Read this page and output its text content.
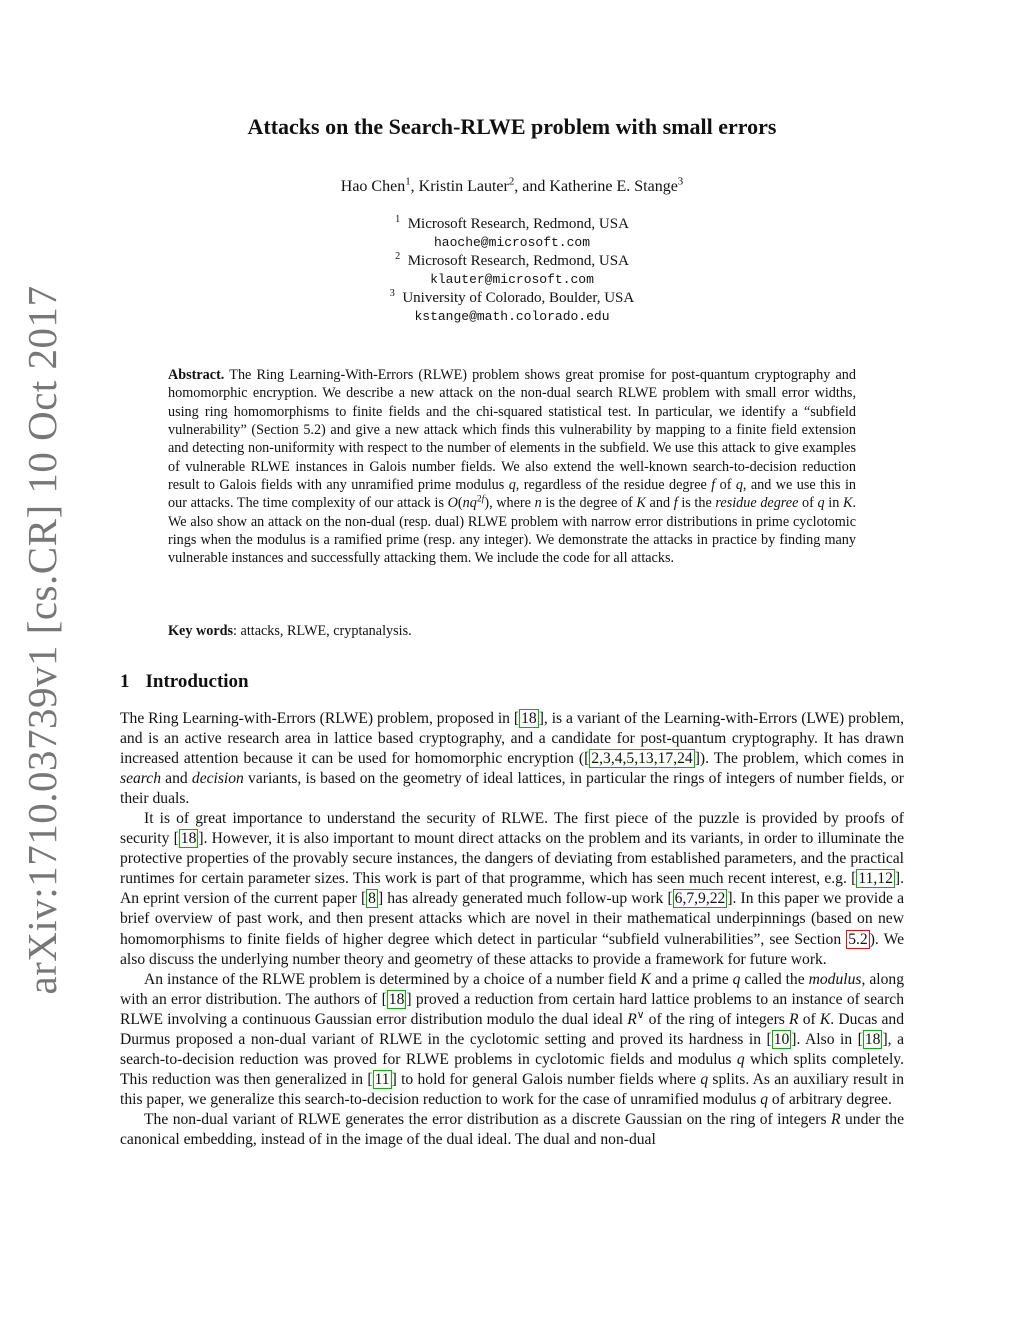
arXiv:1710.03739v1 [cs.CR] 10 Oct 2017
Attacks on the Search-RLWE problem with small errors

Hao Chen$^1$, Kristin Lauter$^2$, and Katherine E. Stange$^3$

$^1$ Microsoft Research, Redmond, USA
haoche@microsoft.com
$^2$ Microsoft Research, Redmond, USA
klauter@microsoft.com
$^3$ University of Colorado, Boulder, USA
kstange@math.colorado.edu

Abstract. The Ring Learning-With-Errors (RLWE) problem shows great promise for post-quantum cryptography and homomorphic encryption. We describe a new attack on the non-dual search RLWE problem with small error widths, using ring homomorphisms to finite fields and the chi-squared statistical test. In particular, we identify a “subfield vulnerability” (Section 5.2) and give a new attack which finds this vulnerability by mapping to a finite field extension and detecting non-uniformity with respect to the number of elements in the subfield. We use this attack to give examples of vulnerable RLWE instances in Galois number fields. We also extend the well-known search-to-decision reduction result to Galois fields with any unramified prime modulus q, regardless of the residue degree f of q, and we use this in our attacks. The time complexity of our attack is $O(nq^{2f})$, where n is the degree of K and f is the residue degree of q in K. We also show an attack on the non-dual (resp. dual) RLWE problem with narrow error distributions in prime cyclotomic rings when the modulus is a ramified prime (resp. any integer). We demonstrate the attacks in practice by finding many vulnerable instances and successfully attacking them. We include the code for all attacks.

Key words: attacks, RLWE, cryptanalysis.

1 Introduction

The Ring Learning-with-Errors (RLWE) problem, proposed in [ 18 ], is a variant of the Learning-with-Errors (LWE) problem, and is an active research area in lattice based cryptography, and a candidate for post-quantum cryptography. It has drawn increased attention because it can be used for homomorphic encryption ([ 2,3,4,5,13,17,24 ]). The problem, which comes in search and decision variants, is based on the geometry of ideal lattices, in particular the rings of integers of number fields, or their duals.

It is of great importance to understand the security of RLWE. The first piece of the puzzle is provided by proofs of security [ 18 ]. However, it is also important to mount direct attacks on the problem and its variants, in order to illuminate the protective properties of the provably secure instances, the dangers of deviating from established parameters, and the practical runtimes for certain parameter sizes. This work is part of that programme, which has seen much recent interest, e.g. [ 11,12 ]. An eprint version of the current paper [ 8 ] has already generated much follow-up work [ 6,7,9,22 ]. In this paper we provide a brief overview of past work, and then present attacks which are novel in their mathematical underpinnings (based on new homomorphisms to finite fields of higher degree which detect in particular “subfield vulnerabilities”, see Section 5.2 ). We also discuss the underlying number theory and geometry of these attacks to provide a framework for future work.

An instance of the RLWE problem is determined by a choice of a number field K and a prime q called the modulus, along with an error distribution. The authors of [ 18 ] proved a reduction from certain hard lattice problems to an instance of search RLWE involving a continuous Gaussian error distribution modulo the dual ideal R∨ of the ring of integers R of K. Ducas and Durmus proposed a non-dual variant of RLWE in the cyclotomic setting and proved its hardness in [ 10 ]. Also in [ 18 ], a search-to-decision reduction was proved for RLWE problems in cyclotomic fields and modulus q which splits completely. This reduction was then generalized in [ 11 ] to hold for general Galois number fields where q splits. As an auxiliary result in this paper, we generalize this search-to-decision reduction to work for the case of unramified modulus q of arbitrary degree.

The non-dual variant of RLWE generates the error distribution as a discrete Gaussian on the ring of integers R under the canonical embedding, instead of in the image of the dual ideal. The dual and non-dual
